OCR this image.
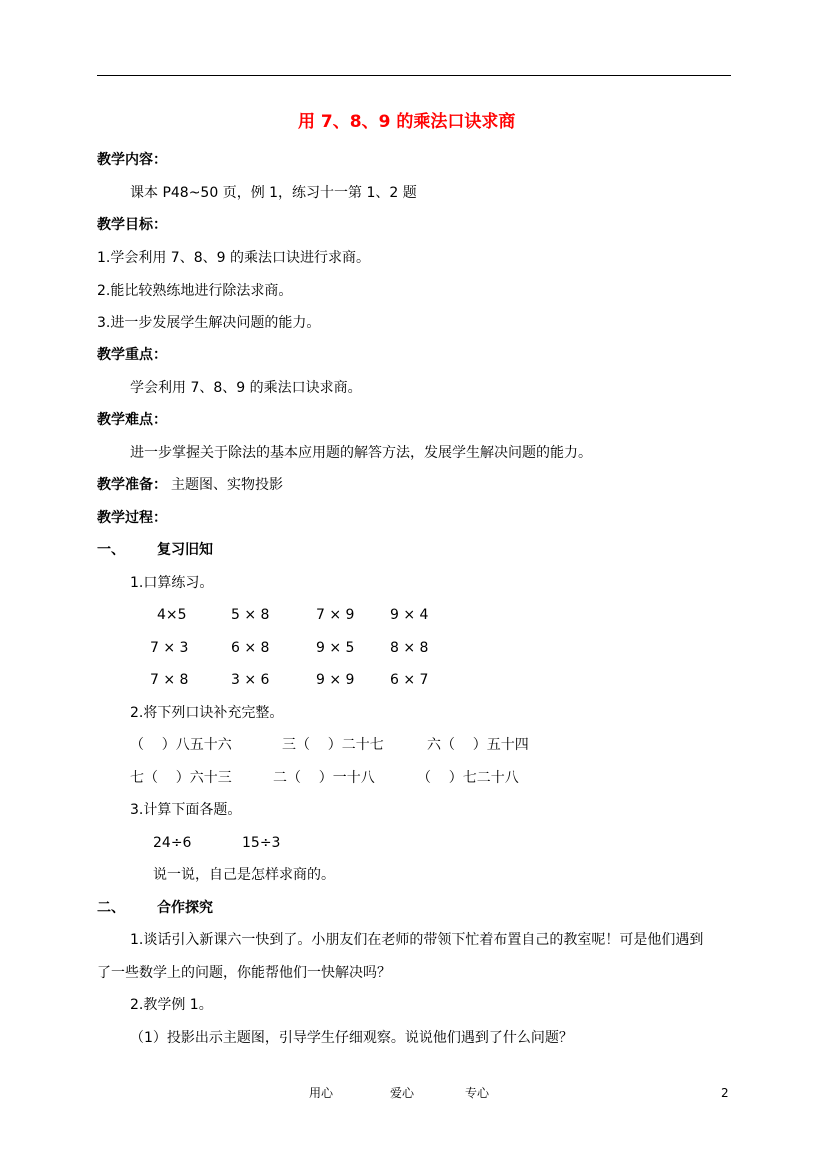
用 7、8、9 的乘法口诀求商
教学内容：
课本 P48~50 页，例 1，练习十一第 1、2 题
教学目标：
1.学会利用 7、8、9 的乘法口诀进行求商。
2.能比较熟练地进行除法求商。
3.进一步发展学生解决问题的能力。
教学重点：
学会利用 7、8、9 的乘法口诀求商。
教学难点：
进一步掌握关于除法的基本应用题的解答方法，发展学生解决问题的能力。
教学准备： 主题图、实物投影
教学过程：
一、 复习旧知
1.口算练习。
4×5	5 × 8	7 × 9	9 × 4
7 × 3	6 × 8	9 × 5	8 × 8
7 × 8	3 × 6	9 × 9	6 × 7
2.将下列口诀补充完整。
（    ）八五十六	三（    ）二十七	六（    ）五十四
七（    ）六十三	二（    ）一十八	（    ）七二十八
3.计算下面各题。
24÷6	15÷3
说一说，自己是怎样求商的。
二、 合作探究
1.谈话引入新课六一快到了。小朋友们在老师的带领下忙着布置自己的教室呢！可是他们遇到
了一些数学上的问题，你能帮他们一快解决吗？
2.教学例 1。
（1）投影出示主题图，引导学生仔细观察。说说他们遇到了什么问题？
用心	爱心	专心	2
